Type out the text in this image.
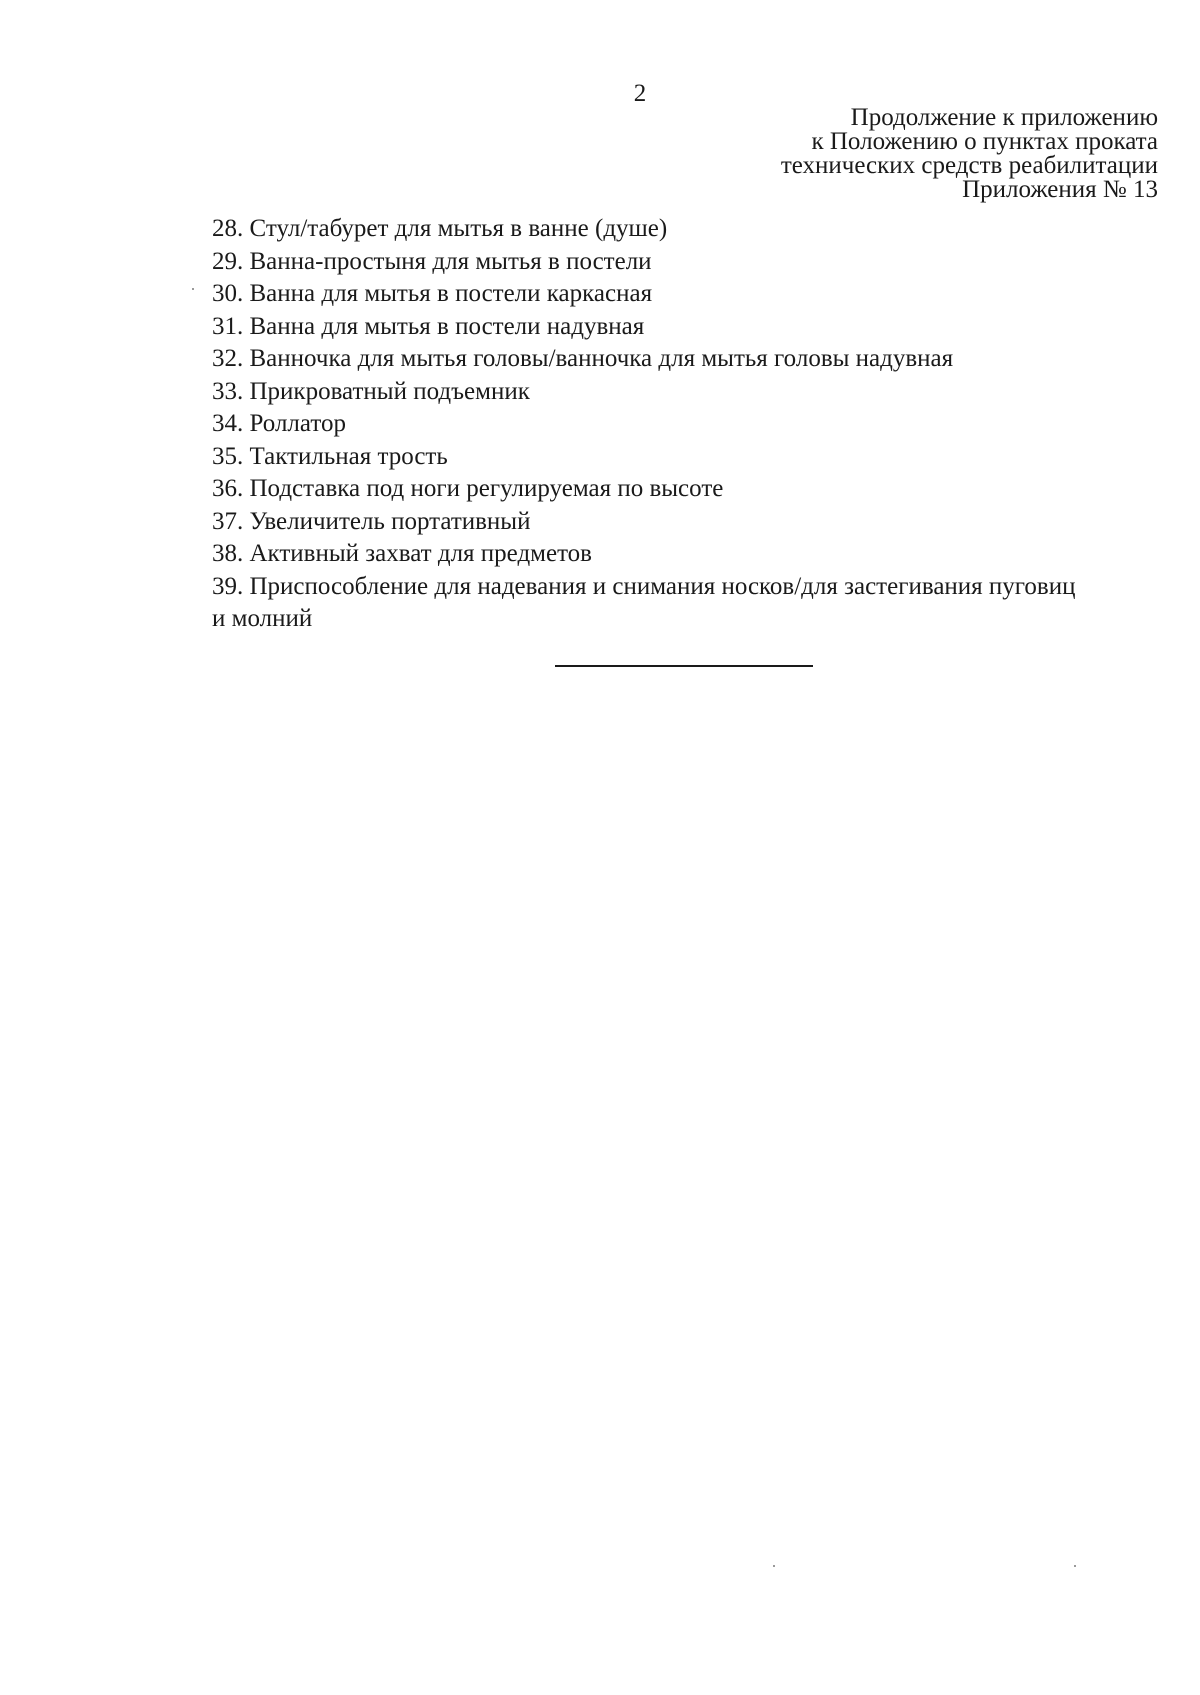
2
Продолжение к приложению
к Положению о пунктах проката
технических средств реабилитации
Приложения № 13
28. Стул/табурет для мытья в ванне (душе)
29. Ванна-простыня для мытья в постели
30. Ванна для мытья в постели каркасная
31. Ванна для мытья в постели надувная
32. Ванночка для мытья головы/ванночка для мытья головы надувная
33. Прикроватный подъемник
34. Роллатор
35. Тактильная трость
36. Подставка под ноги регулируемая по высоте
37. Увеличитель портативный
38. Активный захват для предметов
39. Приспособление для надевания и снимания носков/для застегивания пуговиц и молний
